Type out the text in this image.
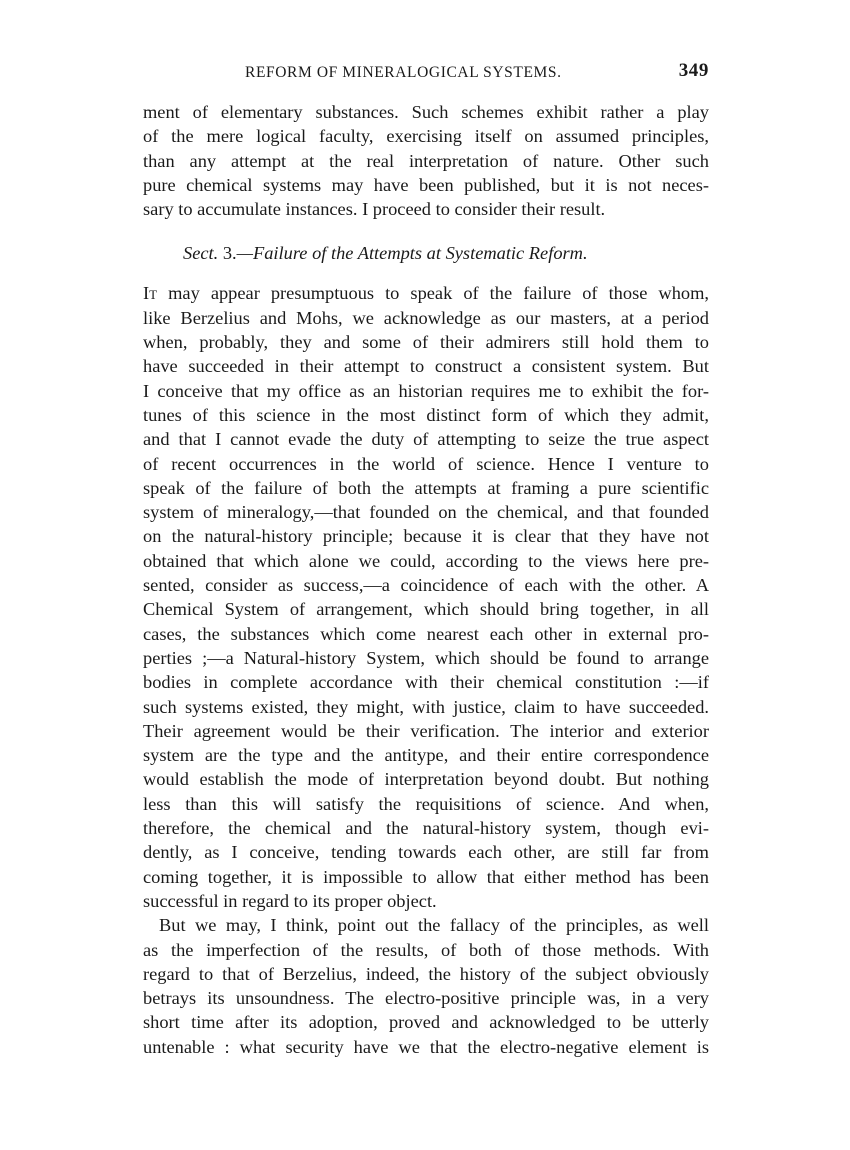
REFORM OF MINERALOGICAL SYSTEMS.	349

ment of elementary substances. Such schemes exhibit rather a play
of the mere logical faculty, exercising itself on assumed principles,
than any attempt at the real interpretation of nature. Other such
pure chemical systems may have been published, but it is not neces-
sary to accumulate instances. I proceed to consider their result.

Sect. 3.—Failure of the Attempts at Systematic Reform.

It may appear presumptuous to speak of the failure of those whom,
like Berzelius and Mohs, we acknowledge as our masters, at a period
when, probably, they and some of their admirers still hold them to
have succeeded in their attempt to construct a consistent system. But
I conceive that my office as an historian requires me to exhibit the for-
tunes of this science in the most distinct form of which they admit,
and that I cannot evade the duty of attempting to seize the true aspect
of recent occurrences in the world of science. Hence I venture to
speak of the failure of both the attempts at framing a pure scientific
system of mineralogy,—that founded on the chemical, and that founded
on the natural-history principle; because it is clear that they have not
obtained that which alone we could, according to the views here pre-
sented, consider as success,—a coincidence of each with the other. A
Chemical System of arrangement, which should bring together, in all
cases, the substances which come nearest each other in external pro-
perties ;—a Natural-history System, which should be found to arrange
bodies in complete accordance with their chemical constitution :—if
such systems existed, they might, with justice, claim to have succeeded.
Their agreement would be their verification. The interior and exterior
system are the type and the antitype, and their entire correspondence
would establish the mode of interpretation beyond doubt. But nothing
less than this will satisfy the requisitions of science. And when,
therefore, the chemical and the natural-history system, though evi-
dently, as I conceive, tending towards each other, are still far from
coming together, it is impossible to allow that either method has been
successful in regard to its proper object.

But we may, I think, point out the fallacy of the principles, as well
as the imperfection of the results, of both of those methods. With
regard to that of Berzelius, indeed, the history of the subject obviously
betrays its unsoundness. The electro-positive principle was, in a very
short time after its adoption, proved and acknowledged to be utterly
untenable : what security have we that the electro-negative element is
